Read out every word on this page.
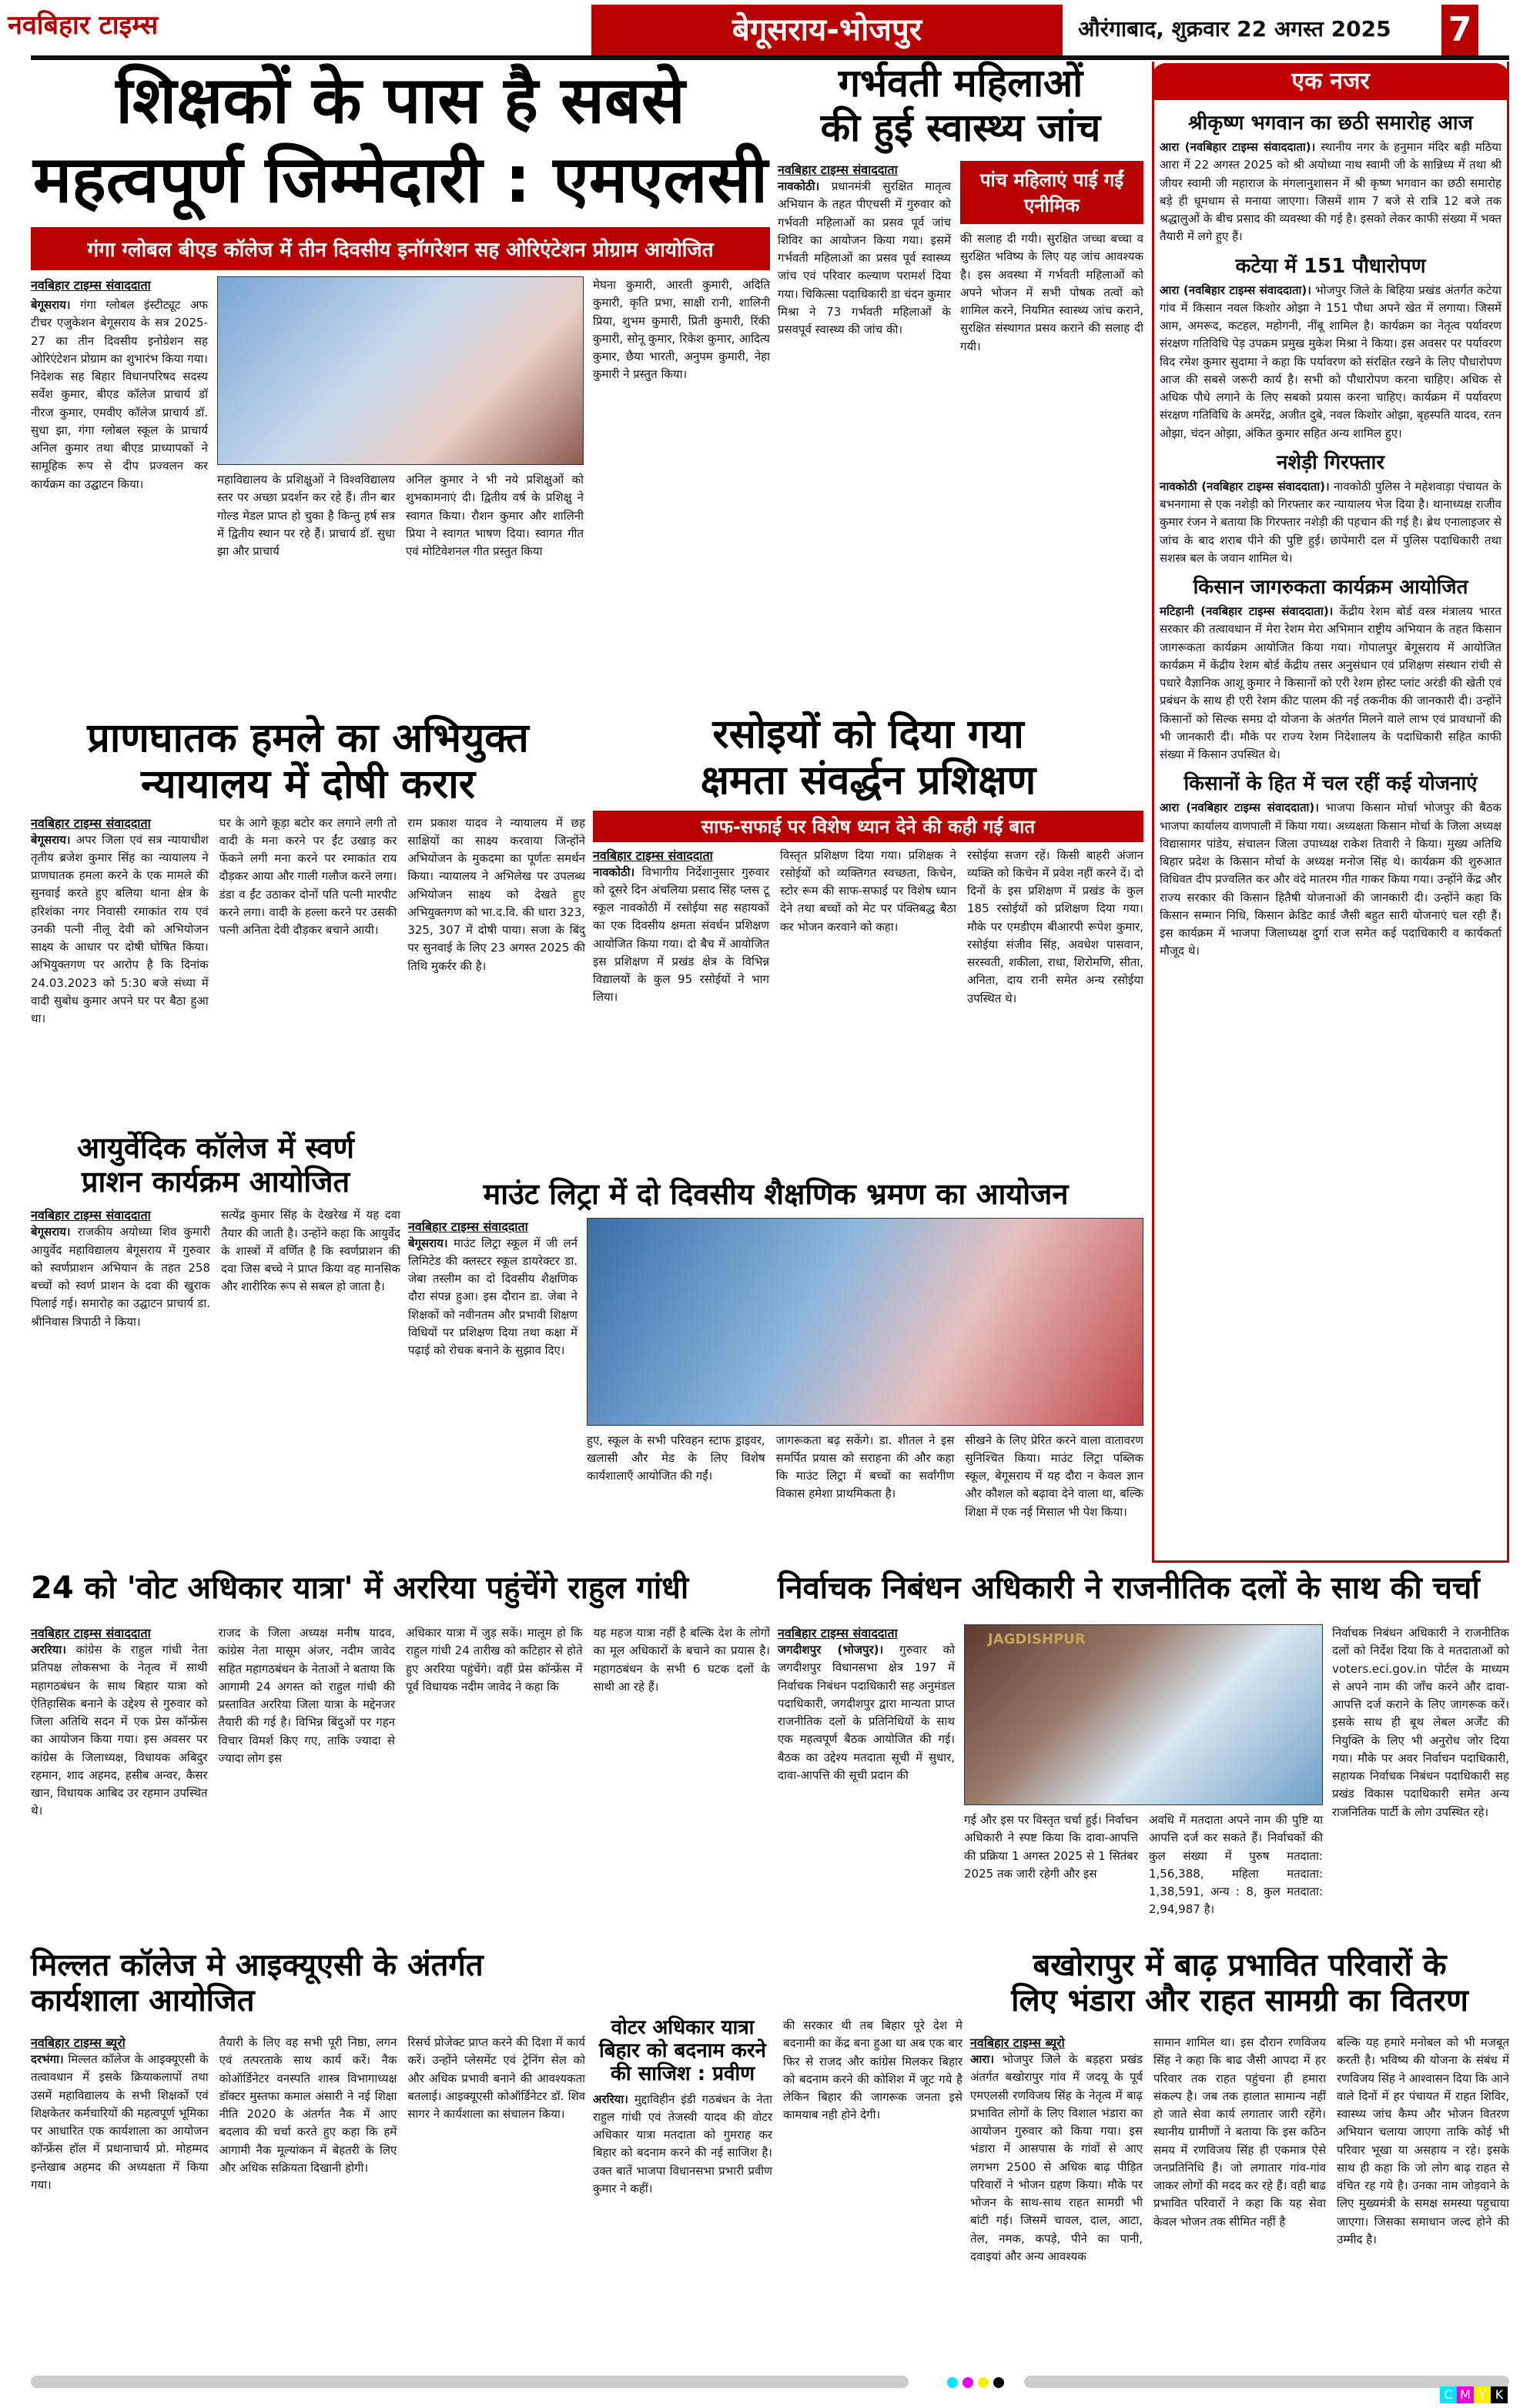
नवबिहार टाइम्स	बेगूसराय-भोजपुर	औरंगाबाद, शुक्रवार 22 अगस्त 2025 7
शिक्षकों के पास है सबसे
महत्वपूर्ण जिम्मेदारी : एमएलसी
गंगा ग्लोबल बीएड कॉलेज में तीन दिवसीय इनॉगरेशन सह ओरिएंटेशन प्रोग्राम आयोजित
नवबिहार टाइम्स संवाददाता
बेगूसराय। गंगा ग्लोबल इंस्टीट्यूट अफ टीचर एजुकेशन बेगूसराय के सत्र 2025-27 का तीन दिवसीय इनोग्रेशन सह ओरिएंटेशन प्रोग्राम का शुभारंभ किया गया। निदेशक सह बिहार विधानपरिषद सदस्य सर्वेश कुमार, बीएड कॉलेज प्राचार्य डॉ नीरज कुमार, एमवीए कॉलेज प्राचार्य डॉ. सुधा झा, गंगा ग्लोबल स्कूल के प्राचार्य अनिल कुमार तथा बीएड प्राध्यापकों ने सामूहिक रूप से दीप प्रज्वलन कर कार्यक्रम का उद्घाटन किया।	महाविद्यालय के प्रशिक्षुओं ने विश्वविद्यालय स्तर पर अच्छा प्रदर्शन कर रहे हैं। तीन बार गोल्ड मेडल प्राप्त हो चुका है किन्तु हर्ष सत्र में द्वितीय स्थान पर रहे हैं। प्राचार्य डॉ. सुधा झा और प्राचार्य
अनिल कुमार ने भी नये प्रशिक्षुओं को शुभकामनाएं दी। द्वितीय वर्ष के प्रशिक्षु ने स्वागत किया। रौशन कुमार और शालिनी प्रिया ने स्वागत भाषण दिया। स्वागत गीत एवं मोटिवेशनल गीत प्रस्तुत किया
मेघना कुमारी, आरती कुमारी, अदिति कुमारी, कृति प्रभा, साक्षी रानी, शालिनी प्रिया, शुभम कुमारी, प्रिती कुमारी, रिंकी कुमारी, सोनू कुमार, रिकेश कुमार, आदित्य कुमार, छैया भारती, अनुपम कुमारी, नेहा कुमारी ने प्रस्तुत किया।
गर्भवती महिलाओं
की हुई स्वास्थ्य जांच
नवबिहार टाइम्स संवाददाता
नावकोठी। प्रधानमंत्री सुरक्षित मातृत्व अभियान के तहत पीएचसी में गुरुवार को गर्भवती महिलाओं का प्रसव पूर्व जांच शिविर का आयोजन किया गया। इसमें गर्भवती महिलाओं का प्रसव पूर्व स्वास्थ्य जांच एवं परिवार कल्याण परामर्श दिया गया। चिकित्सा पदाधिकारी डा चंदन कुमार मिश्रा ने 73 गर्भवती महिलाओं के प्रसवपूर्व स्वास्थ्य की जांच की।
पांच महिलाएं पाई गईं एनीमिक
की सलाह दी गयी। सुरक्षित जच्चा बच्चा व सुरक्षित भविष्य के लिए यह जांच आवश्यक है। इस अवस्था में गर्भवती महिलाओं को अपने भोजन में सभी पोषक तत्वों को शामिल करने, नियमित स्वास्थ्य जांच कराने, सुरक्षित संस्थागत प्रसव कराने की सलाह दी गयी।
एक नजर
श्रीकृष्ण भगवान का छठी समारोह आज
आरा (नवबिहार टाइम्स संवाददाता)। स्थानीय नगर के हनुमान मंदिर बड़ी मठिया आरा में 22 अगस्त 2025 को श्री अयोध्या नाथ स्वामी जी के सान्निध्य में तथा श्री जीयर स्वामी जी महाराज के मंगलानुशासन में श्री कृष्ण भगवान का छठी समारोह बड़े ही धूमधाम से मनाया जाएगा। जिसमें शाम 7 बजे से रात्रि 12 बजे तक श्रद्धालुओं के बीच प्रसाद की व्यवस्था की गई है। इसको लेकर काफी संख्या में भक्त तैयारी में लगे हुए हैं।
कटेया में 151 पौधारोपण
आरा (नवबिहार टाइम्स संवाददाता)। भोजपुर जिले के बिहिया प्रखंड अंतर्गत कटेया गांव में किसान नवल किशोर ओझा ने 151 पौधा अपने खेत में लगाया। जिसमें आम, अमरूद, कटहल, महोगनी, नींबू शामिल है। कार्यक्रम का नेतृत्व पर्यावरण संरक्षण गतिविधि पेड़ उपक्रम प्रमुख मुकेश मिश्रा ने किया। इस अवसर पर पर्यावरण विद रमेश कुमार सुदामा ने कहा कि पर्यावरण को संरक्षित रखने के लिए पौधारोपण आज की सबसे जरूरी कार्य है। सभी को पौधारोपण करना चाहिए। अधिक से अधिक पौधे लगाने के लिए सबको प्रयास करना चाहिए। कार्यक्रम में पर्यावरण संरक्षण गतिविधि के अमरेंद्र, अजीत दुबे, नवल किशोर ओझा, बृहस्पति यादव, रतन ओझा, चंदन ओझा, अंकित कुमार सहित अन्य शामिल हुए।
नशेड़ी गिरफ्तार
नावकोठी (नवबिहार टाइम्स संवाददाता)। नावकोठी पुलिस ने महेशवाड़ा पंचायत के बभनगामा से एक नशेड़ी को गिरफ्तार कर न्यायालय भेज दिया है। थानाध्यक्ष राजीव कुमार रंजन ने बताया कि गिरफ्तार नशेड़ी की पहचान की गई है। ब्रेथ एनालाइजर से जांच के बाद शराब पीने की पुष्टि हुई। छापेमारी दल में पुलिस पदाधिकारी तथा सशस्त्र बल के जवान शामिल थे।
किसान जागरुकता कार्यक्रम आयोजित
मटिहानी (नवबिहार टाइम्स संवाददाता)। केंद्रीय रेशम बोर्ड वस्त्र मंत्रालय भारत सरकार की तत्वावधान में मेरा रेशम मेरा अभिमान राष्ट्रीय अभियान के तहत किसान जागरूकता कार्यक्रम आयोजित किया गया। गोपालपुर बेगूसराय में आयोजित कार्यक्रम में केंद्रीय रेशम बोर्ड केंद्रीय तसर अनुसंधान एवं प्रशिक्षण संस्थान रांची से पधारे वैज्ञानिक आशू कुमार ने किसानों को एरी रेशम होस्ट प्लांट अरंडी की खेती एवं प्रबंधन के साथ ही एरी रेशम कीट पालम की नई तकनीक की जानकारी दी। उन्होंने किसानों को सिल्क समग्र दो योजना के अंतर्गत मिलने वाले लाभ एवं प्रावधानों की भी जानकारी दी। मौके पर राज्य रेशम निदेशालय के पदाधिकारी सहित काफी संख्या में किसान उपस्थित थे।
किसानों के हित में चल रहीं कई योजनाएं
आरा (नवबिहार टाइम्स संवाददाता)। भाजपा किसान मोर्चा भोजपुर की बैठक भाजपा कार्यालय वाणपाली में किया गया। अध्यक्षता किसान मोर्चा के जिला अध्यक्ष विद्यासागर पांडेय, संचालन जिला उपाध्यक्ष राकेश तिवारी ने किया। मुख्य अतिथि बिहार प्रदेश के किसान मोर्चा के अध्यक्ष मनोज सिंह थे। कार्यक्रम की शुरुआत विधिवत दीप प्रज्वलित कर और वंदे मातरम गीत गाकर किया गया। उन्होंने केंद्र और राज्य सरकार की किसान हितैषी योजनाओं की जानकारी दी। उन्होंने कहा कि किसान सम्मान निधि, किसान क्रेडिट कार्ड जैसी बहुत सारी योजनाएं चल रही हैं। इस कार्यक्रम में भाजपा जिलाध्यक्ष दुर्गा राज समेत कई पदाधिकारी व कार्यकर्ता मौजूद थे।
प्राणघातक हमले का अभियुक्त
न्यायालय में दोषी करार
नवबिहार टाइम्स संवाददाता
बेगूसराय। अपर जिला एवं सत्र न्यायाधीश तृतीय ब्रजेश कुमार सिंह का न्यायालय ने प्राणघातक हमला करने के एक मामले की सुनवाई करते हुए बलिया थाना क्षेत्र के हरिशंका नगर निवासी रमाकांत राय एवं उनकी पत्नी नीलू देवी को अभियोजन साक्ष्य के आधार पर दोषी घोषित किया। अभियुक्तगण पर आरोप है कि दिनांक 24.03.2023 को 5:30 बजे संध्या में वादी सुबोध कुमार अपने घर पर बैठा हुआ था।
घर के आगे कूड़ा बटोर कर लगाने लगी तो वादी के मना करने पर ईंट उखाड़ कर फेंकने लगी मना करने पर रमाकांत राय दौड़कर आया और गाली गलौज करने लगा। डंडा व ईंट उठाकर दोनों पति पत्नी मारपीट करने लगा। वादी के हल्ला करने पर उसकी पत्नी अनिता देवी दौड़कर बचाने आयी।
राम प्रकाश यादव ने न्यायालय में छह साक्षियों का साक्ष्य करवाया जिन्होंने अभियोजन के मुकदमा का पूर्णतः समर्थन किया। न्यायालय ने अभिलेख पर उपलब्ध अभियोजन साक्ष्य को देखते हुए अभियुक्तगण को भा.द.वि. की धारा 323, 325, 307 में दोषी पाया। सजा के बिंदु पर सुनवाई के लिए 23 अगस्त 2025 की तिथि मुकर्रर की है।
रसोइयों को दिया गया
क्षमता संवर्द्धन प्रशिक्षण
साफ-सफाई पर विशेष ध्यान देने की कही गई बात
नवबिहार टाइम्स संवाददाता
नावकोठी। विभागीय निर्देशानुसार गुरुवार को दूसरे दिन अंचलिया प्रसाद सिंह प्लस टू स्कूल नावकोठी में रसोईया सह सहायकों का एक दिवसीय क्षमता संवर्धन प्रशिक्षण आयोजित किया गया। दो बैच में आयोजित इस प्रशिक्षण में प्रखंड क्षेत्र के विभिन्न विद्यालयों के कुल 95 रसोईयों ने भाग लिया।
विस्तृत प्रशिक्षण दिया गया। प्रशिक्षक ने रसोईयों को व्यक्तिगत स्वच्छता, किचेन, स्टोर रूम की साफ-सफाई पर विशेष ध्यान देने तथा बच्चों को मेट पर पंक्तिबद्ध बैठा कर भोजन करवाने को कहा।
रसोईया सजग रहें। किसी बाहरी अंजान व्यक्ति को किचेन में प्रवेश नहीं करने दें। दो दिनों के इस प्रशिक्षण में प्रखंड के कुल 185 रसोईयों को प्रशिक्षण दिया गया। मौके पर एमडीएम बीआरपी रूपेश कुमार, रसोईया संजीव सिंह, अवधेश पासवान, सरस्वती, शकीला, राधा, शिरोमणि, सीता, अनिता, दाय रानी समेत अन्य रसोईया उपस्थित थे।
आयुर्वेदिक कॉलेज में स्वर्ण
प्राशन कार्यक्रम आयोजित
नवबिहार टाइम्स संवाददाता
बेगूसराय। राजकीय अयोध्या शिव कुमारी आयुर्वेद महाविद्यालय बेगूसराय में गुरुवार को स्वर्णप्राशन अभियान के तहत 258 बच्चों को स्वर्ण प्राशन के दवा की खुराक पिलाई गई। समारोह का उद्घाटन प्राचार्य डा. श्रीनिवास त्रिपाठी ने किया।
सत्येंद्र कुमार सिंह के देखरेख में यह दवा तैयार की जाती है। उन्होंने कहा कि आयुर्वेद के शास्त्रों में वर्णित है कि स्वर्णप्राशन की दवा जिस बच्चे ने प्राप्त किया वह मानसिक और शारीरिक रूप से सबल हो जाता है।
माउंट लिट्रा में दो दिवसीय शैक्षणिक भ्रमण का आयोजन
नवबिहार टाइम्स संवाददाता
बेगूसराय। माउंट लिट्रा स्कूल में जी लर्न लिमिटेड की क्लस्टर स्कूल डायरेक्टर डा. जेबा तस्लीम का दो दिवसीय शैक्षणिक दौरा संपन्न हुआ। इस दौरान डा. जेबा ने शिक्षकों को नवीनतम और प्रभावी शिक्षण विधियों पर प्रशिक्षण दिया तथा कक्षा में पढ़ाई को रोचक बनाने के सुझाव दिए।
हुए, स्कूल के सभी परिवहन स्टाफ ड्राइवर, खलासी और मेड के लिए विशेष कार्यशालाएँ आयोजित की गईं।
जागरूकता बढ़ सकेंगे। डा. शीतल ने इस समर्पित प्रयास को सराहना की और कहा कि माउंट लिट्रा में बच्चों का सर्वांगीण विकास हमेशा प्राथमिकता है।
सीखने के लिए प्रेरित करने वाला वातावरण सुनिश्चित किया। माउंट लिट्रा पब्लिक स्कूल, बेगूसराय में यह दौरा न केवल ज्ञान और कौशल को बढ़ावा देने वाला था, बल्कि शिक्षा में एक नई मिसाल भी पेश किया।
24 को 'वोट अधिकार यात्रा' में अररिया पहुंचेंगे राहुल गांधी
नवबिहार टाइम्स संवाददाता
अररिया। कांग्रेस के राहुल गांधी नेता प्रतिपक्ष लोकसभा के नेतृत्व में साथी महागठबंधन के साथ बिहार यात्रा को ऐतिहासिक बनाने के उद्देश्य से गुरुवार को जिला अतिथि सदन में एक प्रेस कॉन्फ्रेंस का आयोजन किया गया। इस अवसर पर कांग्रेस के जिलाध्यक्ष, विधायक अबिदुर रहमान, शाद अहमद, हसीब अन्वर, कैसर खान, विधायक आबिद उर रहमान उपस्थित थे।
राजद के जिला अध्यक्ष मनीष यादव, कांग्रेस नेता मासूम अंजर, नदीम जावेद सहित महागठबंधन के नेताओं ने बताया कि आगामी 24 अगस्त को राहुल गांधी की प्रस्तावित अररिया जिला यात्रा के मद्देनजर तैयारी की गई है। विभिन्न बिंदुओं पर गहन विचार विमर्श किए गए, ताकि ज्यादा से ज्यादा लोग इस
अधिकार यात्रा में जुड़ सकें। मालूम हो कि राहुल गांधी 24 तारीख को कटिहार से होते हुए अररिया पहुंचेंगे। वहीं प्रेस कॉन्फ्रेंस में पूर्व विधायक नदीम जावेद ने कहा कि
यह महज यात्रा नहीं है बल्कि देश के लोगों का मूल अधिकारों के बचाने का प्रयास है। महागठबंधन के सभी 6 घटक दलों के साथी आ रहे हैं।
निर्वाचक निबंधन अधिकारी ने राजनीतिक दलों के साथ की चर्चा
नवबिहार टाइम्स संवाददाता
जगदीशपुर (भोजपुर)। गुरुवार को जगदीशपुर विधानसभा क्षेत्र 197 में निर्वाचक निबंधन पदाधिकारी सह अनुमंडल पदाधिकारी, जगदीशपुर द्वारा मान्यता प्राप्त राजनीतिक दलों के प्रतिनिधियों के साथ एक महत्वपूर्ण बैठक आयोजित की गई। बैठक का उद्देश्य मतदाता सूची में सुधार, दावा-आपत्ति की सूची प्रदान की
JAGDISHPUR
गई और इस पर विस्तृत चर्चा हुई। निर्वाचन अधिकारी ने स्पष्ट किया कि दावा-आपत्ति की प्रक्रिया 1 अगस्त 2025 से 1 सितंबर 2025 तक जारी रहेगी और इस
अवधि में मतदाता अपने नाम की पुष्टि या आपत्ति दर्ज कर सकते हैं। निर्वाचकों की कुल संख्या में पुरुष मतदाता: 1,56,388, महिला मतदाता: 1,38,591, अन्य : 8, कुल मतदाता: 2,94,987 है।
निर्वाचक निबंधन अधिकारी ने राजनीतिक दलों को निर्देश दिया कि वे मतदाताओं को voters.eci.gov.in पोर्टल के माध्यम से अपने नाम की जाँच करने और दावा-आपत्ति दर्ज कराने के लिए जागरूक करें। इसके साथ ही बूथ लेबल अर्जेंट की नियुक्ति के लिए भी अनुरोध जोर दिया गया। मौके पर अवर निर्वाचन पदाधिकारी, सहायक निर्वाचक निबंधन पदाधिकारी सह प्रखंड विकास पदाधिकारी समेत अन्य राजनितिक पार्टी के लोग उपस्थित रहे।
मिल्लत कॉलेज मे आइक्यूएसी के अंतर्गत कार्यशाला आयोजित
नवबिहार टाइम्स ब्यूरो
दरभंगा। मिल्लत कॉलेज के आइक्यूएसी के तत्वावधान में इसके क्रियाकलापों तथा उसमें महाविद्यालय के सभी शिक्षकों एवं शिक्षकेतर कर्मचारियों की महत्वपूर्ण भूमिका पर आधारित एक कार्यशाला का आयोजन कॉन्फ्रेंस हॉल में प्रधानाचार्य प्रो. मोहम्मद इन्तेखाब अहमद की अध्यक्षता में किया गया।
तैयारी के लिए वह सभी पूरी निष्ठा, लगन एवं तत्परताके साथ कार्य करें। नैक कोऑर्डिनेटर वनस्पति शास्त्र विभागाध्यक्ष डॉक्टर मुस्तफा कमाल अंसारी ने नई शिक्षा नीति 2020 के अंतर्गत नैक में आए बदलाव की चर्चा करते हुए कहा कि हमें आगामी नैक मूल्यांकन में बेहतरी के लिए और अधिक सक्रियता दिखानी होगी।
रिसर्च प्रोजेक्ट प्राप्त करने की दिशा में कार्य करें। उन्होंने प्लेसमेंट एवं ट्रेनिंग सेल को और अधिक प्रभावी बनाने की आवश्यकता बतलाई। आइक्यूएसी कोऑर्डिनेटर डॉ. शिव सागर ने कार्यशाला का संचालन किया।
वोटर अधिकार यात्रा
बिहार को बदनाम करने
की साजिश : प्रवीण
अररिया। मुद्दाविहीन इंडी गठबंधन के नेता राहुल गांधी एवं तेजस्वी यादव की वोटर अधिकार यात्रा मतदाता को गुमराह कर बिहार को बदनाम करने की नई साजिश है। उक्त बातें भाजपा विधानसभा प्रभारी प्रवीण कुमार ने कहीं।
की सरकार थी तब बिहार पूरे देश मे बदनामी का केंद्र बना हुआ था अब एक बार फिर से राजद और कांग्रेस मिलकर बिहार को बदनाम करने की कोशिश में जूट गये है लेकिन बिहार की जागरूक जनता इसे कामयाब नही होने देगी।
बखोरापुर में बाढ़ प्रभावित परिवारों के
लिए भंडारा और राहत सामग्री का वितरण
नवबिहार टाइम्स ब्यूरो
आरा। भोजपुर जिले के बड़हरा प्रखंड अंतर्गत बखोरापुर गांव में जदयू के पूर्व एमएलसी रणविजय सिंह के नेतृत्व में बाढ़ प्रभावित लोगों के लिए विशाल भंडारा का आयोजन गुरुवार को किया गया। इस भंडारा में आसपास के गांवों से आए लगभग 2500 से अधिक बाढ़ पीड़ित परिवारों ने भोजन ग्रहण किया। मौके पर भोजन के साथ-साथ राहत सामग्री भी बांटी गई। जिसमें चावल, दाल, आटा, तेल, नमक, कपड़े, पीने का पानी, दवाइयां और अन्य आवश्यक
सामान शामिल था। इस दौरान रणविजय सिंह ने कहा कि बाढ जैसी आपदा में हर परिवार तक राहत पहुंचना ही हमारा संकल्प है। जब तक हालात सामान्य नहीं हो जाते सेवा कार्य लगातार जारी रहेंगे। स्थानीय ग्रामीणों ने बताया कि इस कठिन समय में रणविजय सिंह ही एकमात्र ऐसे जनप्रतिनिधि हैं। जो लगातार गांव-गांव जाकर लोगों की मदद कर रहे हैं। वही बाढ प्रभावित परिवारों ने कहा कि यह सेवा केवल भोजन तक सीमित नहीं है
बल्कि यह हमारे मनोबल को भी मजबूत करती है। भविष्य की योजना के संबंध में रणविजय सिंह ने आश्वासन दिया कि आने वाले दिनों में हर पंचायत में राहत शिविर, स्वास्थ्य जांच कैम्प और भोजन वितरण अभियान चलाया जाएगा ताकि कोई भी परिवार भूखा या असहाय न रहे। इसके साथ ही कहा कि जो लोग बाढ़ राहत से वंचित रह गये है। उनका नाम जोड़वाने के लिए मुख्यमंत्री के समक्ष समस्या पहुचाया जाएगा। जिसका समाधान जल्द होने की उम्मीद है।
C M Y K
